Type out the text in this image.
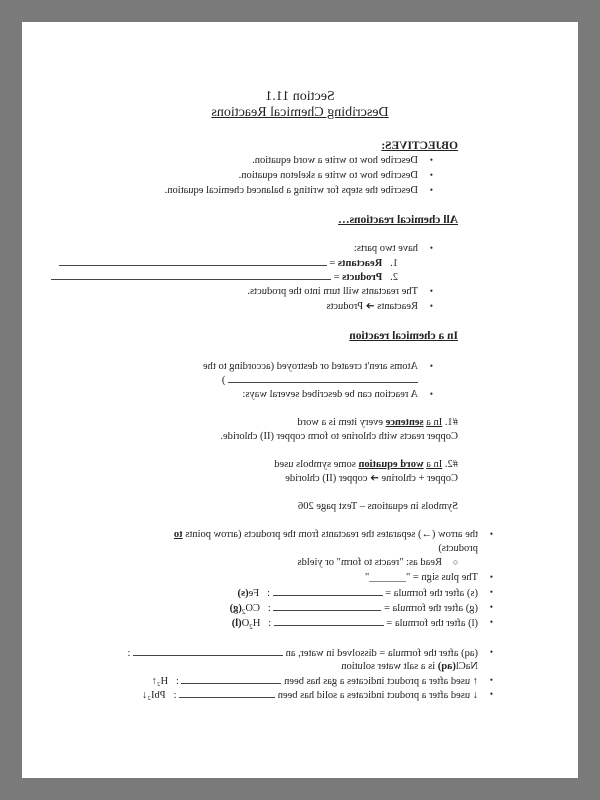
Section 11.1
Describing Chemical Reactions
OBJECTIVES:
•
Describe how to write a word equation.
•
Describe how to write a skeleton equation.
•
Describe the steps for writing a balanced chemical equation.
All chemical reactions…
•
have two parts:
1.   Reactants =
2.   Products =
•
The reactants will turn into the products.
•
Reactants ➔ Products
In a chemical reaction
•
Atoms aren't created or destroyed (according to the
)
•
A reaction can be described several ways:
#1. In a sentence every item is a word
Copper reacts with chlorine to form copper (II) chloride.
#2. In a word equation some symbols used
Copper + chlorine ➔ copper (II) chloride
Symbols in equations – Text page 206
•
the arrow (→) separates the reactants from the products (arrow points to
products)
○
Read as: "reacts to form" or yields
•
The plus sign = "_______"
•
(s) after the formula =  :   Fe(s)
•
(g) after the formula =  :   $CO_2(g)$
•
(l) after the formula =  :   $H_2O(l)$
•
(aq) after the formula = dissolved in water, an  :
NaCl(aq) is a salt water solution
•
↑ used after a product indicates a gas has been  :   H₂↑
•
↓ used after a product indicates a solid has been  :   PbI₂↓
